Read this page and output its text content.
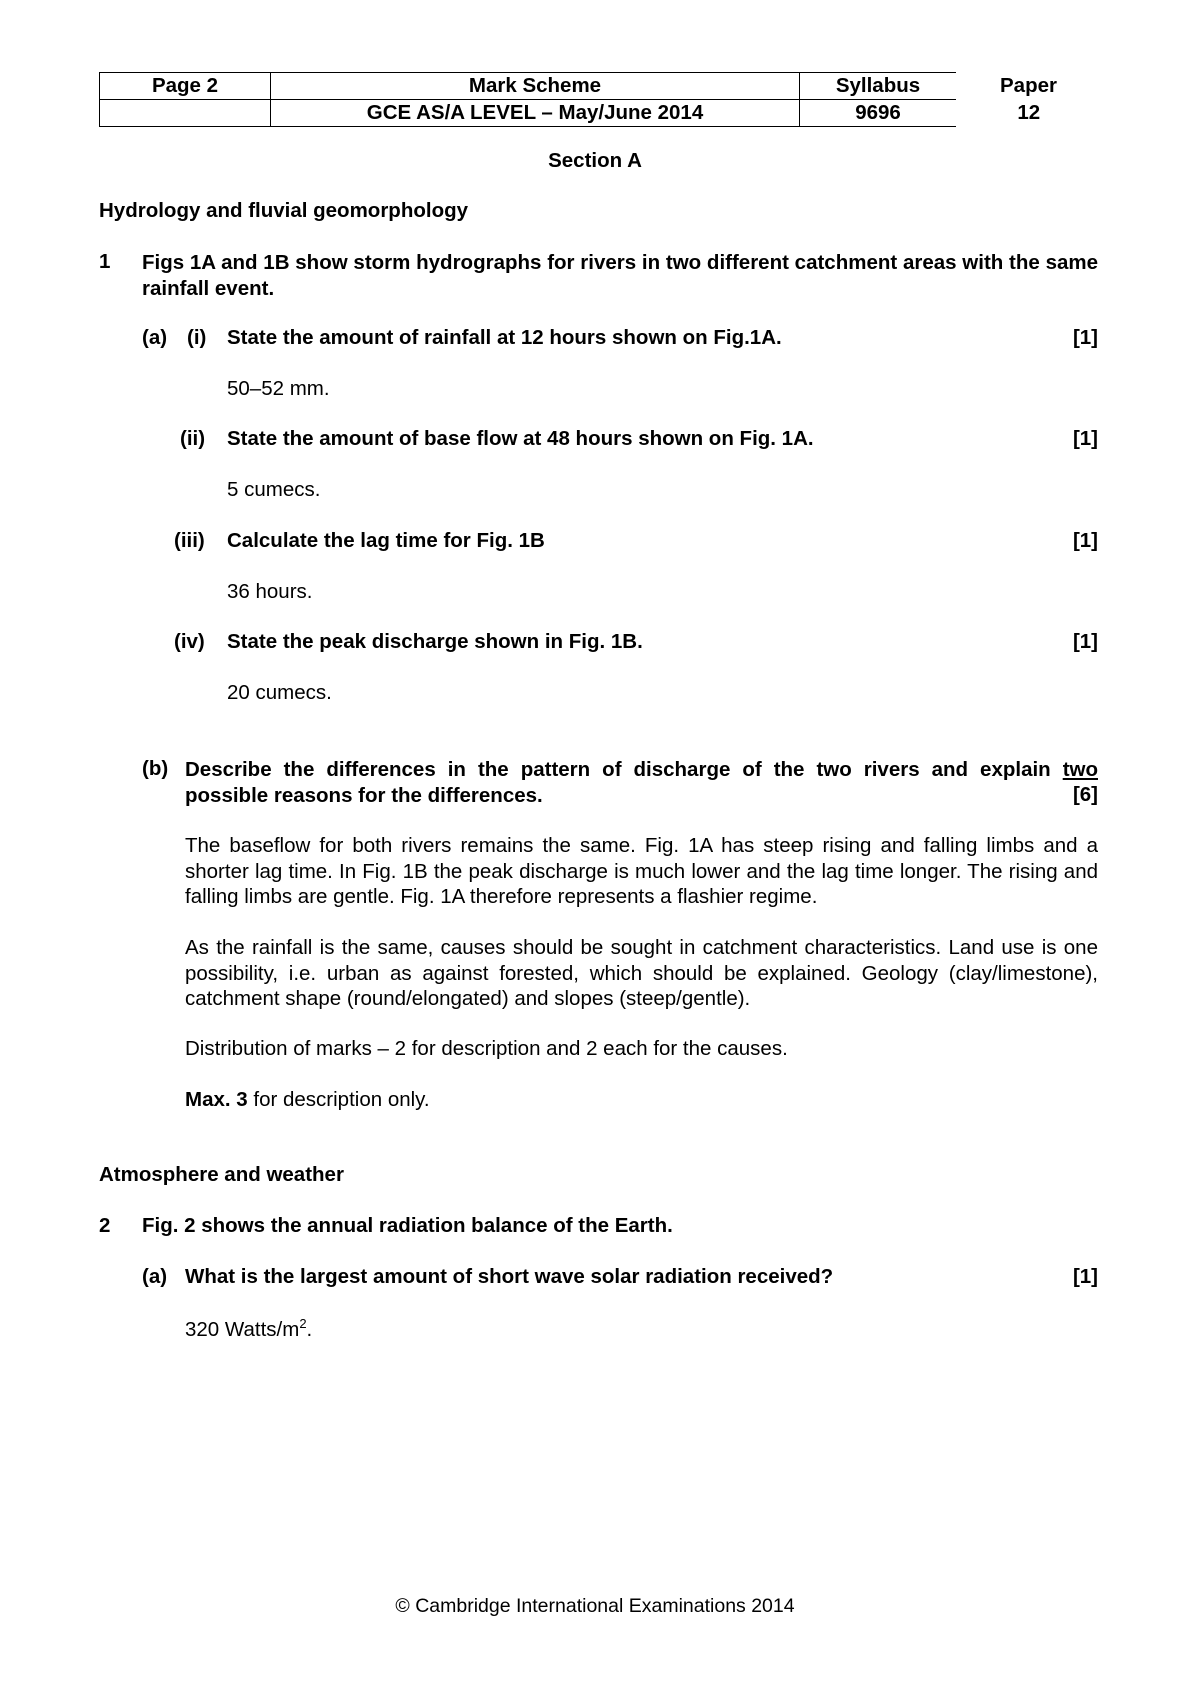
Page 2	Mark Scheme	Syllabus	Paper
	GCE AS/A LEVEL – May/June 2014	9696	12
Section A
Hydrology and fluvial geomorphology
1 Figs 1A and 1B show storm hydrographs for rivers in two different catchment areas with the same rainfall event.
(a) (i) State the amount of rainfall at 12 hours shown on Fig.1A.	[1]
50–52 mm.
(ii) State the amount of base flow at 48 hours shown on Fig. 1A.	[1]
5 cumecs.
(iii) Calculate the lag time for Fig. 1B	[1]
36 hours.
(iv) State the peak discharge shown in Fig. 1B.	[1]
20 cumecs.
(b) Describe the differences in the pattern of discharge of the two rivers and explain two
possible reasons for the differences.	[6]
The baseflow for both rivers remains the same. Fig. 1A has steep rising and falling limbs and a shorter lag time. In Fig. 1B the peak discharge is much lower and the lag time longer. The rising and falling limbs are gentle. Fig. 1A therefore represents a flashier regime.
As the rainfall is the same, causes should be sought in catchment characteristics. Land use is one possibility, i.e. urban as against forested, which should be explained. Geology (clay/limestone), catchment shape (round/elongated) and slopes (steep/gentle).
Distribution of marks – 2 for description and 2 each for the causes.
Max. 3 for description only.
Atmosphere and weather
2 Fig. 2 shows the annual radiation balance of the Earth.
(a) What is the largest amount of short wave solar radiation received?	[1]
320 Watts/$m^2$.
© Cambridge International Examinations 2014
